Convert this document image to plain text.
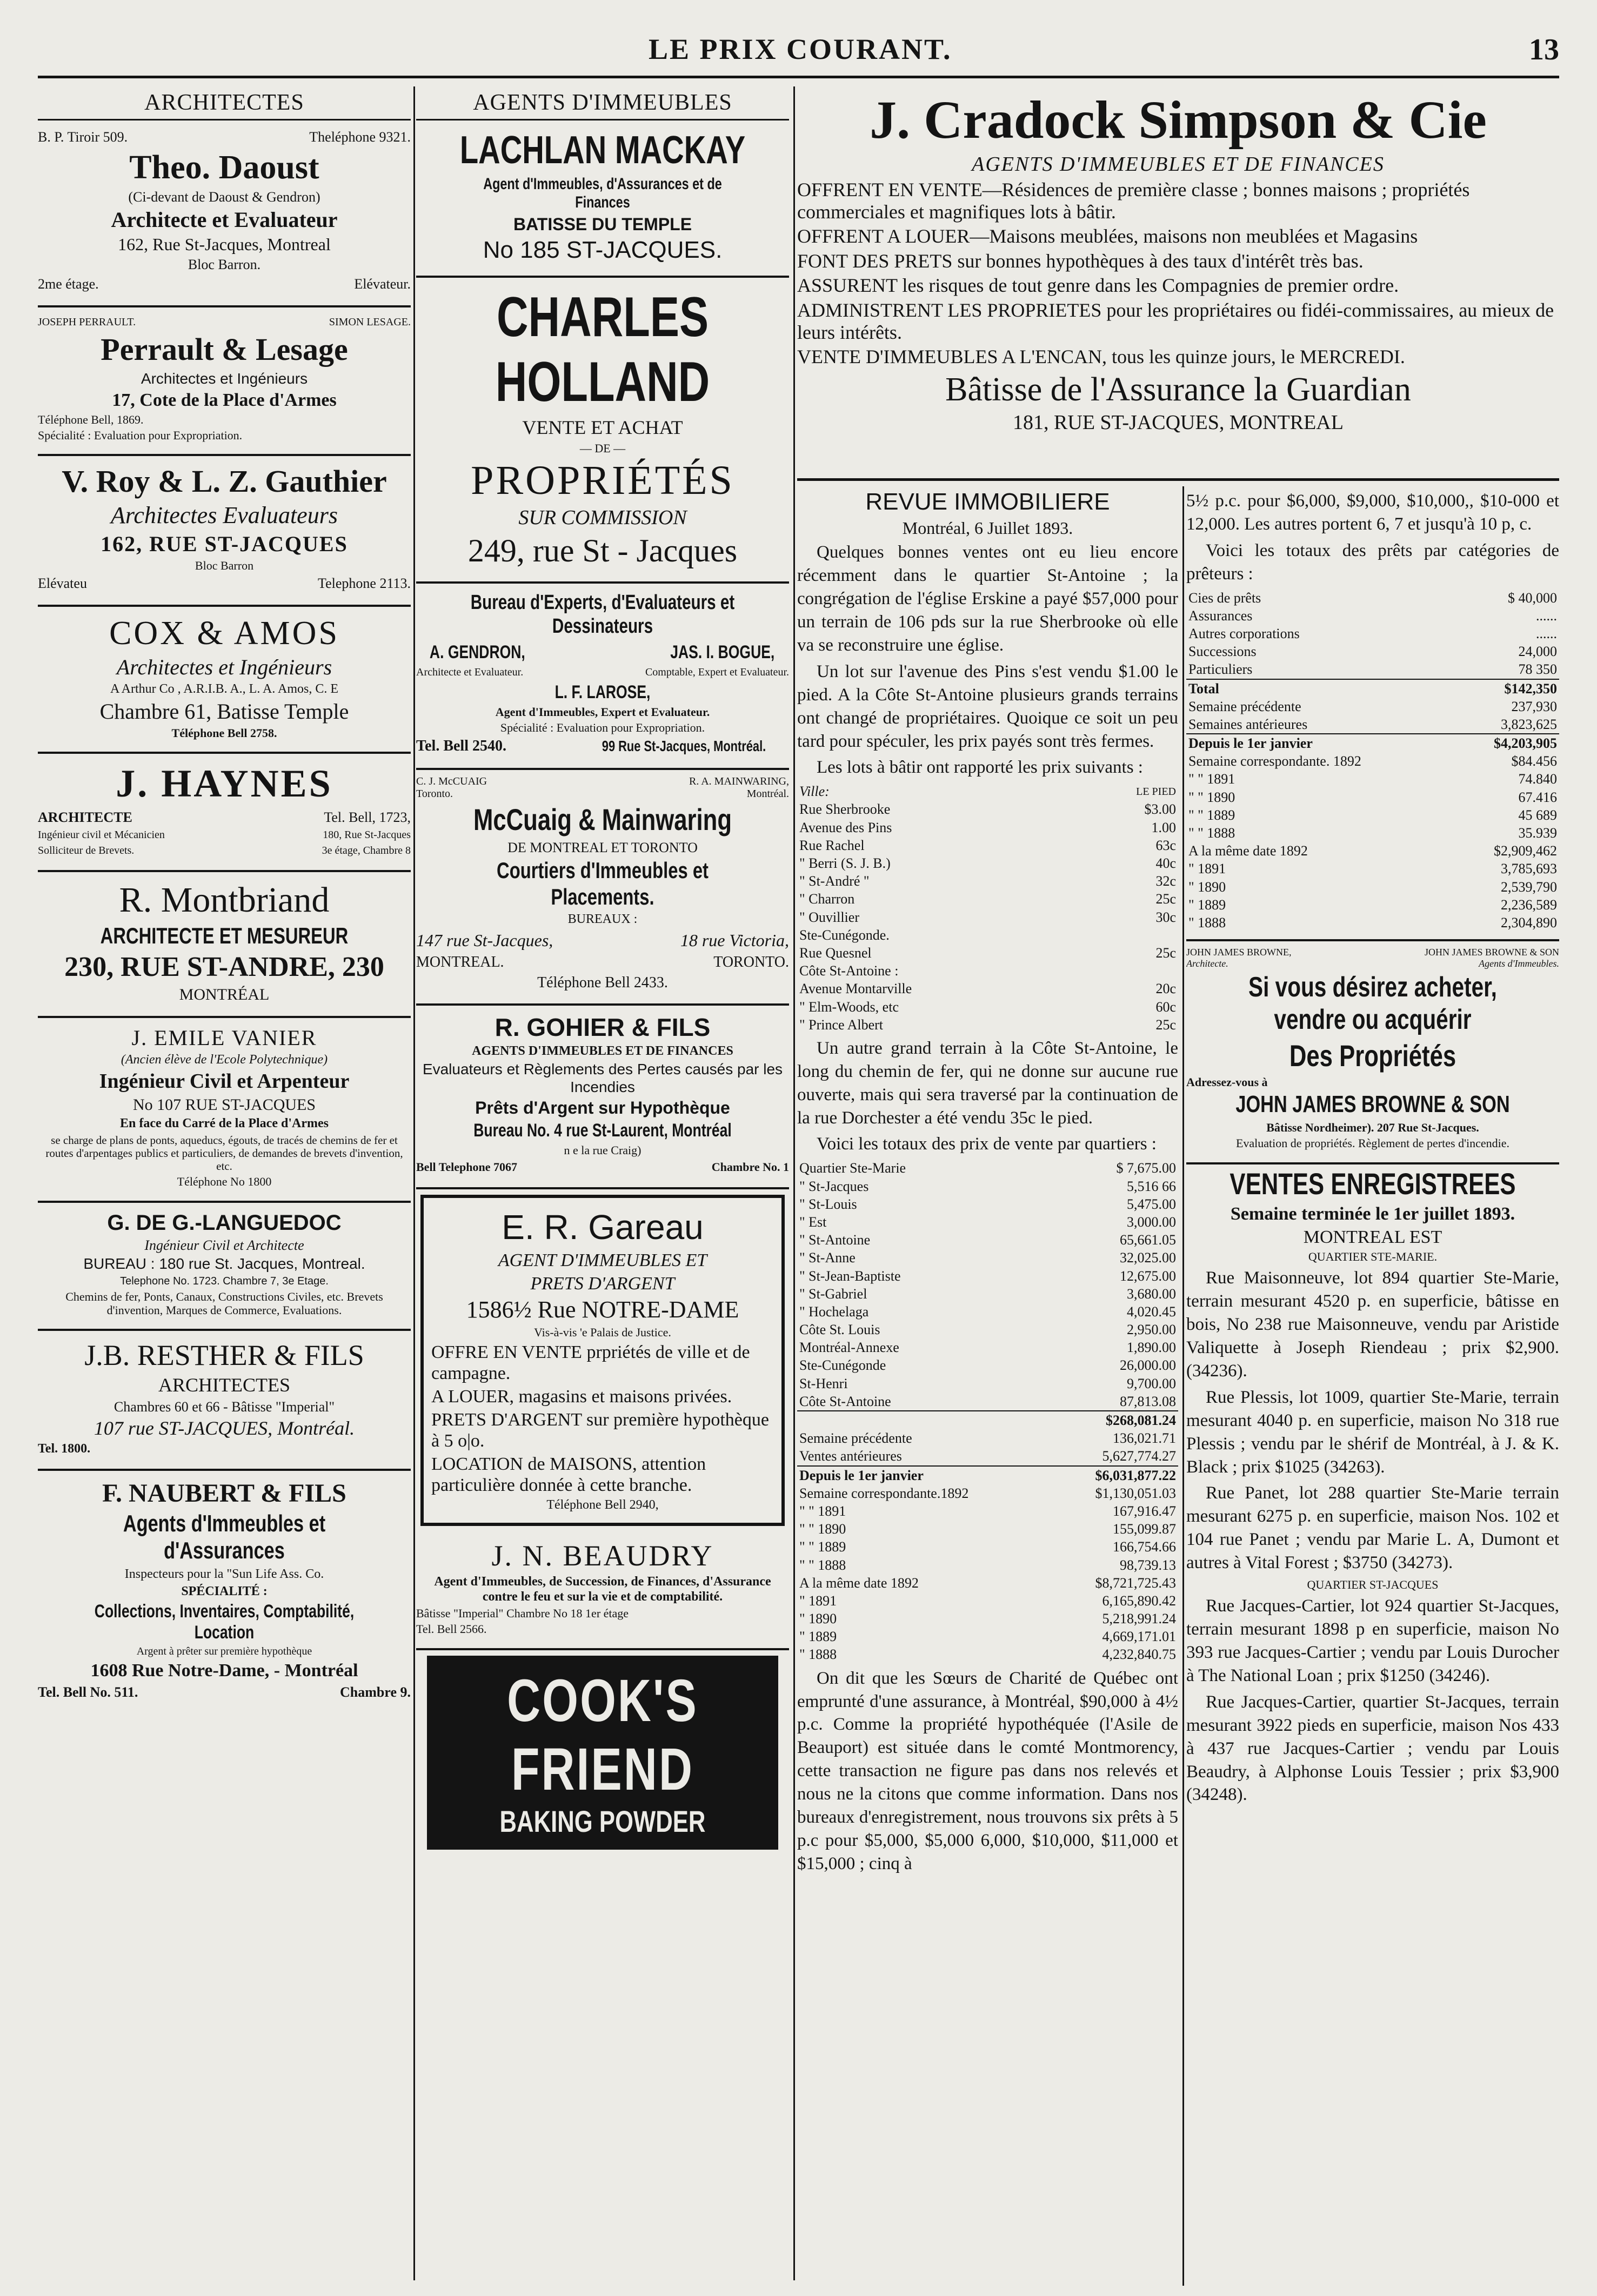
LE PRIX COURANT.	13
ARCHITECTES
B. P. Tiroir 509.	Theléphone 9321.
Theo. Daoust
(Ci-devant de Daoust & Gendron)
Architecte et Evaluateur
162, Rue St-Jacques, Montreal
Bloc Barron.
2me étage.	Elévateur.
JOSEPH PERRAULT.	SIMON LESAGE.
Perrault & Lesage
Architectes et Ingénieurs
17, Cote de la Place d'Armes
Téléphone Bell, 1869.
Spécialité : Evaluation pour Expropriation.
V. Roy & L. Z. Gauthier
Architectes Evaluateurs
162, RUE ST-JACQUES
Bloc Barron
Elévateu	Telephone 2113.
COX & AMOS
Architectes et Ingénieurs
A Arthur Co , A.R.I.B. A., L. A. Amos, C. E
Chambre 61, Batisse Temple
Téléphone Bell 2758.
J. HAYNES
ARCHITECTE	Tel. Bell, 1723,
Ingénieur civil et Mécanicien	180, Rue St-Jacques
Solliciteur de Brevets.	3e étage, Chambre 8
R. Montbriand
ARCHITECTE ET MESUREUR
230, RUE ST-ANDRE, 230
MONTRÉAL
J. EMILE VANIER
(Ancien élève de l'Ecole Polytechnique)
Ingénieur Civil et Arpenteur
No 107 RUE ST-JACQUES
En face du Carré de la Place d'Armes
se charge de plans de ponts, aqueducs, égouts, de tracés de chemins de fer et routes d'arpentages publics et particuliers, de demandes de brevets d'invention, etc.
Téléphone No 1800
G. DE G.-LANGUEDOC
Ingénieur Civil et Architecte
BUREAU : 180 rue St. Jacques, Montreal.
Telephone No. 1723. Chambre 7, 3e Etage.
Chemins de fer, Ponts, Canaux, Constructions Civiles, etc. Brevets d'invention, Marques de Commerce, Evaluations.
J.B. RESTHER & FILS
ARCHITECTES
Chambres 60 et 66 - Bâtisse "Imperial"
107 rue ST-JACQUES, Montréal.
Tel. 1800.
F. NAUBERT & FILS
Agents d'Immeubles et d'Assurances
Inspecteurs pour la "Sun Life Ass. Co.
SPÉCIALITÉ :
Collections, Inventaires, Comptabilité, Location
Argent à prêter sur première hypothèque
1608 Rue Notre-Dame, - Montréal
Tel. Bell No. 511.	Chambre 9.
AGENTS D'IMMEUBLES
LACHLAN MACKAY
Agent d'Immeubles, d'Assurances et de Finances
BATISSE DU TEMPLE
No 185 ST-JACQUES.
CHARLES HOLLAND
VENTE ET ACHAT
— DE —
PROPRIÉTÉS
SUR COMMISSION
249, rue St - Jacques
Bureau d'Experts, d'Evaluateurs et Dessinateurs
A. GENDRON,	JAS. I. BOGUE,
Architecte et Evaluateur.	Comptable, Expert et Evaluateur.
L. F. LAROSE,
Agent d'Immeubles, Expert et Evaluateur.
Spécialité : Evaluation pour Expropriation.
Tel. Bell 2540.	99 Rue St-Jacques, Montréal.
C. J. McCUAIG	R. A. MAINWARING,
Toronto.	Montréal.
McCuaig & Mainwaring
DE MONTREAL ET TORONTO
Courtiers d'Immeubles et Placements.
BUREAUX :
147 rue St-Jacques,	18 rue Victoria,
MONTREAL.	TORONTO.
Téléphone Bell 2433.
R. GOHIER & FILS
AGENTS D'IMMEUBLES ET DE FINANCES
Evaluateurs et Règlements des Pertes causés par les Incendies
Prêts d'Argent sur Hypothèque
Bureau No. 4 rue St-Laurent, Montréal
n e la rue Craig)
Bell Telephone 7067	Chambre No. 1
E. R. Gareau
AGENT D'IMMEUBLES ET
PRETS D'ARGENT
1586½ Rue NOTRE-DAME
Vis-à-vis 'e Palais de Justice.
OFFRE EN VENTE prpriétés de ville et de campagne.
A LOUER, magasins et maisons privées.
PRETS D'ARGENT sur première hypothèque à 5 o|o.
LOCATION de MAISONS, attention particulière donnée à cette branche.
Téléphone Bell 2940,
J. N. BEAUDRY
Agent d'Immeubles, de Succession, de Finances, d'Assurance contre le feu et sur la vie et de comptabilité.
Bâtisse "Imperial" Chambre No 18 1er étage
Tel. Bell 2566.
COOK'S FRIEND
BAKING POWDER
J. Cradock Simpson & Cie
AGENTS D'IMMEUBLES ET DE FINANCES
OFFRENT EN VENTE—Résidences de première classe ; bonnes maisons ; propriétés commerciales et magnifiques lots à bâtir.
OFFRENT A LOUER—Maisons meublées, maisons non meublées et Magasins
FONT DES PRETS sur bonnes hypothèques à des taux d'intérêt très bas.
ASSURENT les risques de tout genre dans les Compagnies de premier ordre.
ADMINISTRENT LES PROPRIETES pour les propriétaires ou fidéi-commissaires, au mieux de leurs intérêts.
VENTE D'IMMEUBLES A L'ENCAN, tous les quinze jours, le MERCREDI.
Bâtisse de l'Assurance la Guardian
181, RUE ST-JACQUES, MONTREAL
REVUE IMMOBILIERE
Montréal, 6 Juillet 1893.

Quelques bonnes ventes ont eu lieu encore récemment dans le quartier St-Antoine ; la congrégation de l'église Erskine a payé $57,000 pour un terrain de 106 pds sur la rue Sherbrooke où elle va se reconstruire une église.

Un lot sur l'avenue des Pins s'est vendu $1.00 le pied. A la Côte St-Antoine plusieurs grands terrains ont changé de propriétaires. Quoique ce soit un peu tard pour spéculer, les prix payés sont très fermes.

Les lots à bâtir ont rapporté les prix suivants :

Ville:	LE PIED
Rue Sherbrooke	$3.00
Avenue des Pins	1.00
Rue Rachel	63c
" Berri (S. J. B.)	40c
" St-André "	32c
" Charron	25c
" Ouvillier	30c
Ste-Cunégonde.	
Rue Quesnel	25c
Côte St-Antoine :	
Avenue Montarville	20c
" Elm-Woods, etc	60c
" Prince Albert	25c

Un autre grand terrain à la Côte St-Antoine, le long du chemin de fer, qui ne donne sur aucune rue ouverte, mais qui sera traversé par la continuation de la rue Dorchester a été vendu 35c le pied.

Voici les totaux des prix de vente par quartiers :

Quartier Ste-Marie	$ 7,675.00
" St-Jacques	5,516 66
" St-Louis	5,475.00
" Est	3,000.00
" St-Antoine	65,661.05
" St-Anne	32,025.00
" St-Jean-Baptiste	12,675.00
" St-Gabriel	3,680.00
" Hochelaga	4,020.45
Côte St. Louis	2,950.00
Montréal-Annexe	1,890.00
Ste-Cunégonde	26,000.00
St-Henri	9,700.00
Côte St-Antoine	87,813.08
	$268,081.24
Semaine précédente	136,021.71
Ventes antérieures	5,627,774.27
Depuis le 1er janvier	$6,031,877.22
Semaine correspondante.1892	$1,130,051.03
" " 1891	167,916.47
" " 1890	155,099.87
" " 1889	166,754.66
" " 1888	98,739.13
A la même date 1892	$8,721,725.43
" 1891	6,165,890.42
" 1890	5,218,991.24
" 1889	4,669,171.01
" 1888	4,232,840.75

On dit que les Sœurs de Charité de Québec ont emprunté d'une assurance, à Montréal, $90,000 à 4½ p.c. Comme la propriété hypothéquée (l'Asile de Beauport) est située dans le comté Montmorency, cette transaction ne figure pas dans nos relevés et nous ne la citons que comme information. Dans nos bureaux d'enregistrement, nous trouvons six prêts à 5 p.c pour $5,000, $5,000 6,000, $10,000, $11,000 et $15,000 ; cinq à

5½ p.c. pour $6,000, $9,000, $10,000,, $10-000 et 12,000. Les autres portent 6, 7 et jusqu'à 10 p, c.

Voici les totaux des prêts par catégories de prêteurs :

Cies de prêts	$ 40,000
Assurances	......
Autres corporations	......
Successions	24,000
Particuliers	78 350
Total	$142,350
Semaine précédente	237,930
Semaines antérieures	3,823,625
Depuis le 1er janvier	$4,203,905
Semaine correspondante. 1892	$84.456
" " 1891	74.840
" " 1890	67.416
" " 1889	45 689
" " 1888	35.939
A la même date 1892	$2,909,462
" 1891	3,785,693
" 1890	2,539,790
" 1889	2,236,589
" 1888	2,304,890
JOHN JAMES BROWNE,	JOHN JAMES BROWNE & SON
Architecte.	Agents d'Immeubles.
Si vous désirez acheter, vendre ou acquérir
Des Propriétés
Adressez-vous à
JOHN JAMES BROWNE & SON
Bâtisse Nordheimer). 207 Rue St-Jacques.
Evaluation de propriétés. Règlement de pertes d'incendie.
VENTES ENREGISTREES
Semaine terminée le 1er juillet 1893.
MONTREAL EST
QUARTIER STE-MARIE.

Rue Maisonneuve, lot 894 quartier Ste-Marie, terrain mesurant 4520 p. en superficie, bâtisse en bois, No 238 rue Maisonneuve, vendu par Aristide Valiquette à Joseph Riendeau ; prix $2,900. (34236).

Rue Plessis, lot 1009, quartier Ste-Marie, terrain mesurant 4040 p. en superficie, maison No 318 rue Plessis ; vendu par le shérif de Montréal, à J. & K. Black ; prix $1025 (34263).

Rue Panet, lot 288 quartier Ste-Marie terrain mesurant 6275 p. en superficie, maison Nos. 102 et 104 rue Panet ; vendu par Marie L. A, Dumont et autres à Vital Forest ; $3750 (34273).

QUARTIER ST-JACQUES

Rue Jacques-Cartier, lot 924 quartier St-Jacques, terrain mesurant 1898 p en superficie, maison No 393 rue Jacques-Cartier ; vendu par Louis Durocher à The National Loan ; prix $1250 (34246).

Rue Jacques-Cartier, quartier St-Jacques, terrain mesurant 3922 pieds en superficie, maison Nos 433 à 437 rue Jacques-Cartier ; vendu par Louis Beaudry, à Alphonse Louis Tessier ; prix $3,900 (34248).
